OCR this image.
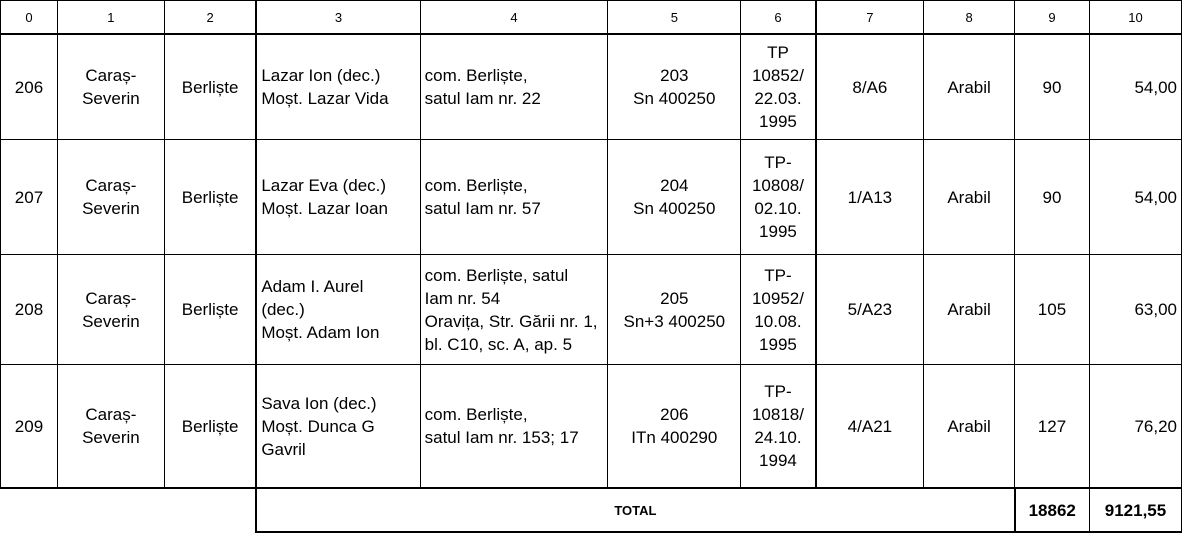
0	1	2	3	4	5	6	7	8	9	10
206	Caraș-
Severin	Berliște	Lazar Ion (dec.)
Moșt. Lazar Vida	com. Berliște,
satul Iam nr. 22	203
Sn 400250	TP
10852/
22.03.
1995	8/A6	Arabil	90	54,00
207	Caraș-
Severin	Berliște	Lazar Eva (dec.)
Moșt. Lazar Ioan	com. Berliște,
satul Iam nr. 57	204
Sn 400250	TP-
10808/
02.10.
1995	1/A13	Arabil	90	54,00
208	Caraș-
Severin	Berliște	Adam I. Aurel
(dec.)
Moșt. Adam Ion	com. Berliște, satul
Iam nr. 54
Oravița, Str. Gării nr. 1,
bl. C10, sc. A, ap. 5	205
Sn+3 400250	TP-
10952/
10.08.
1995	5/A23	Arabil	105	63,00
209	Caraș-
Severin	Berliște	Sava Ion (dec.)
Moșt. Dunca G
Gavril	com. Berliște,
satul Iam nr. 153; 17	206
ITn 400290	TP-
10818/
24.10.
1994	4/A21	Arabil	127	76,20
			TOTAL						18862	9121,55
